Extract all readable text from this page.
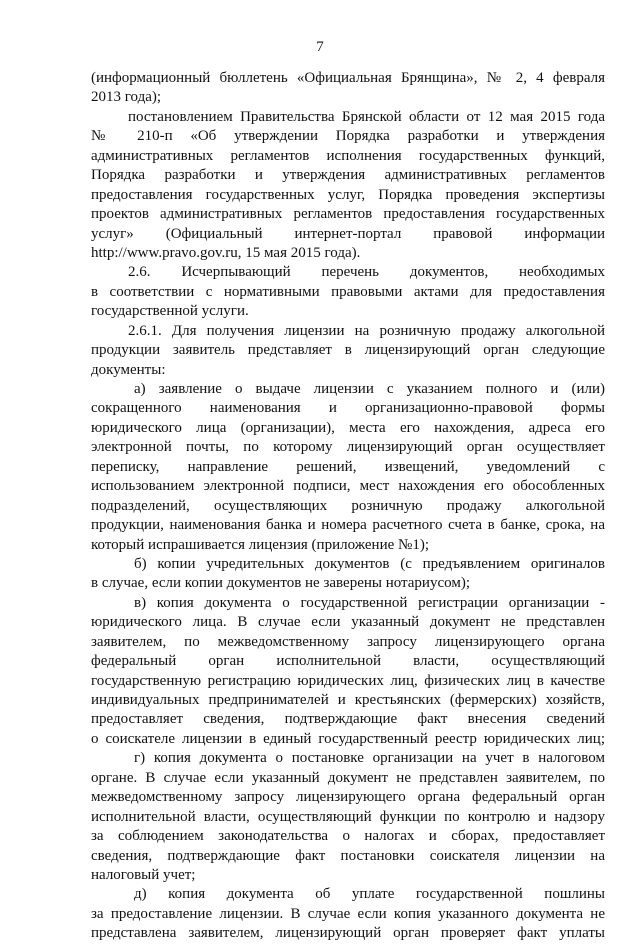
7
(информационный бюллетень «Официальная Брянщина», № 2, 4 февраля
2013 года);
постановлением Правительства Брянской области от 12 мая 2015 года
№ 210-п «Об утверждении Порядка разработки и утверждения
административных регламентов исполнения государственных функций,
Порядка разработки и утверждения административных регламентов
предоставления государственных услуг, Порядка проведения экспертизы
проектов административных регламентов предоставления государственных
услуг» (Официальный интернет-портал правовой информации
http://www.pravo.gov.ru, 15 мая 2015 года).
2.6. Исчерпывающий перечень документов, необходимых
в соответствии с нормативными правовыми актами для предоставления
государственной услуги.
2.6.1. Для получения лицензии на розничную продажу алкогольной
продукции заявитель представляет в лицензирующий орган следующие
документы:
а) заявление о выдаче лицензии с указанием полного и (или)
сокращенного наименования и организационно-правовой формы
юридического лица (организации), места его нахождения, адреса его
электронной почты, по которому лицензирующий орган осуществляет
переписку, направление решений, извещений, уведомлений с
использованием электронной подписи, мест нахождения его обособленных
подразделений, осуществляющих розничную продажу алкогольной
продукции, наименования банка и номера расчетного счета в банке, срока, на
который испрашивается лицензия (приложение №1);
б) копии учредительных документов (с предъявлением оригиналов
в случае, если копии документов не заверены нотариусом);
в) копия документа о государственной регистрации организации -
юридического лица. В случае если указанный документ не представлен
заявителем, по межведомственному запросу лицензирующего органа
федеральный орган исполнительной власти, осуществляющий
государственную регистрацию юридических лиц, физических лиц в качестве
индивидуальных предпринимателей и крестьянских (фермерских) хозяйств,
предоставляет сведения, подтверждающие факт внесения сведений
о соискателе лицензии в единый государственный реестр юридических лиц;
г) копия документа о постановке организации на учет в налоговом
органе. В случае если указанный документ не представлен заявителем, по
межведомственному запросу лицензирующего органа федеральный орган
исполнительной власти, осуществляющий функции по контролю и надзору
за соблюдением законодательства о налогах и сборах, предоставляет
сведения, подтверждающие факт постановки соискателя лицензии на
налоговый учет;
д) копия документа об уплате государственной пошлины
за предоставление лицензии. В случае если копия указанного документа не
представлена заявителем, лицензирующий орган проверяет факт уплаты
